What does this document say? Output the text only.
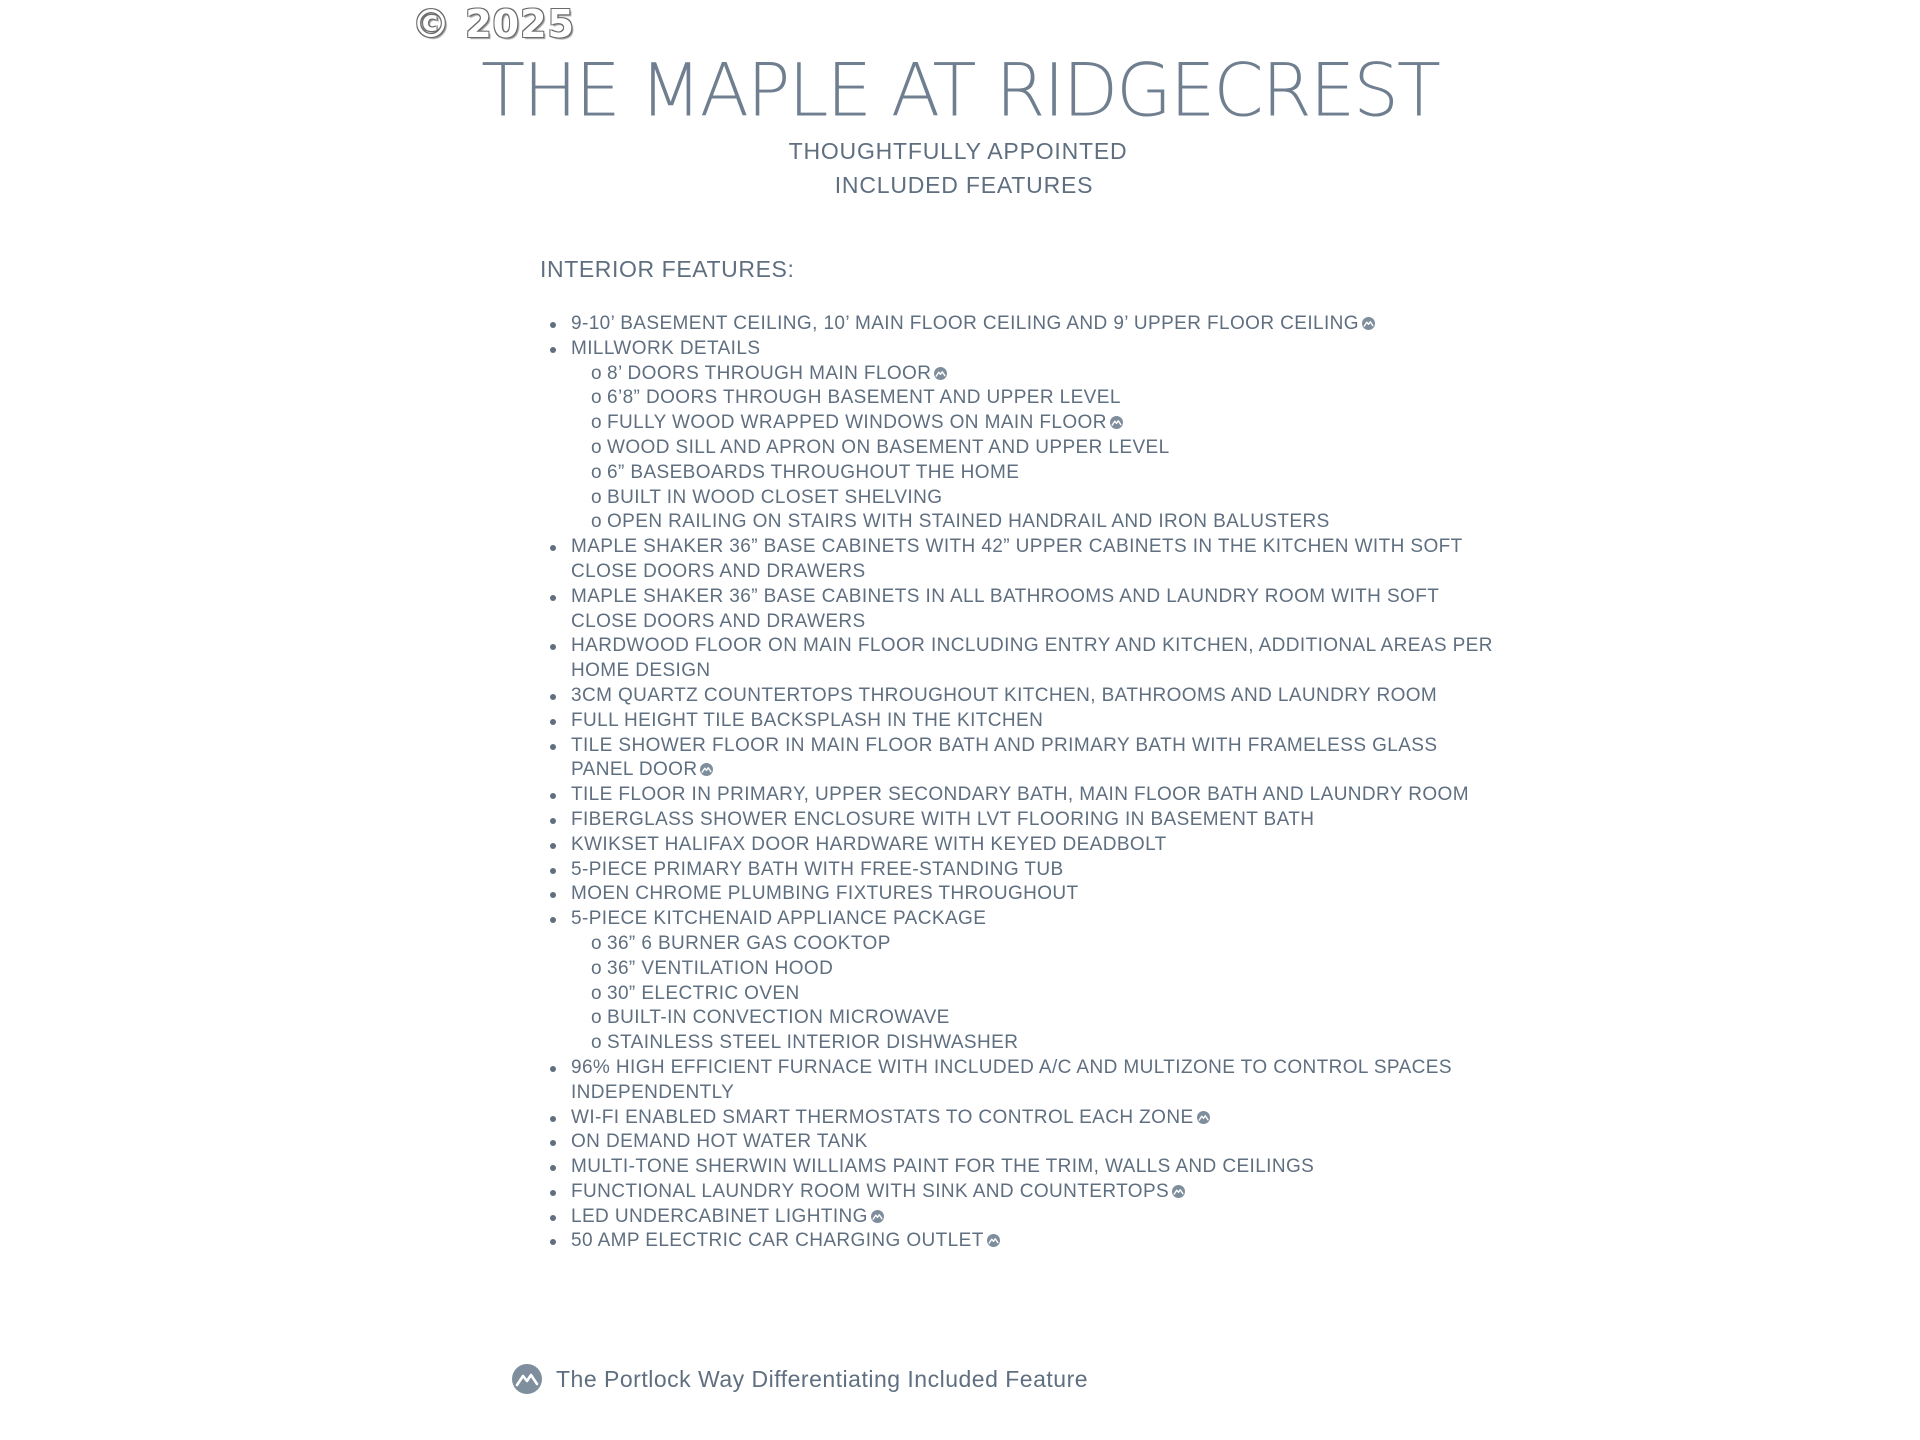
© 2025
THE MAPLE AT RIDGECREST
THOUGHTFULLY APPOINTED
INCLUDED FEATURES
INTERIOR FEATURES:
9-10’ BASEMENT CEILING, 10’ MAIN FLOOR CEILING AND 9’ UPPER FLOOR CEILING
MILLWORK DETAILS
o 8’ DOORS THROUGH MAIN FLOOR
o 6’8” DOORS THROUGH BASEMENT AND UPPER LEVEL
o FULLY WOOD WRAPPED WINDOWS ON MAIN FLOOR
o WOOD SILL AND APRON ON BASEMENT AND UPPER LEVEL
o 6” BASEBOARDS THROUGHOUT THE HOME
o BUILT IN WOOD CLOSET SHELVING
o OPEN RAILING ON STAIRS WITH STAINED HANDRAIL AND IRON BALUSTERS
MAPLE SHAKER 36” BASE CABINETS WITH 42” UPPER CABINETS IN THE KITCHEN WITH SOFT CLOSE DOORS AND DRAWERS
MAPLE SHAKER 36” BASE CABINETS IN ALL BATHROOMS AND LAUNDRY ROOM WITH SOFT CLOSE DOORS AND DRAWERS
HARDWOOD FLOOR ON MAIN FLOOR INCLUDING ENTRY AND KITCHEN, ADDITIONAL AREAS PER HOME DESIGN
3CM QUARTZ COUNTERTOPS THROUGHOUT KITCHEN, BATHROOMS AND LAUNDRY ROOM
FULL HEIGHT TILE BACKSPLASH IN THE KITCHEN
TILE SHOWER FLOOR IN MAIN FLOOR BATH AND PRIMARY BATH WITH FRAMELESS GLASS PANEL DOOR
TILE FLOOR IN PRIMARY, UPPER SECONDARY BATH, MAIN FLOOR BATH AND LAUNDRY ROOM
FIBERGLASS SHOWER ENCLOSURE WITH LVT FLOORING IN BASEMENT BATH
KWIKSET HALIFAX DOOR HARDWARE WITH KEYED DEADBOLT
5-PIECE PRIMARY BATH WITH FREE-STANDING TUB
MOEN CHROME PLUMBING FIXTURES THROUGHOUT
5-PIECE KITCHENAID APPLIANCE PACKAGE
o 36” 6 BURNER GAS COOKTOP
o 36” VENTILATION HOOD
o 30” ELECTRIC OVEN
o BUILT-IN CONVECTION MICROWAVE
o STAINLESS STEEL INTERIOR DISHWASHER
96% HIGH EFFICIENT FURNACE WITH INCLUDED A/C AND MULTIZONE TO CONTROL SPACES INDEPENDENTLY
WI-FI ENABLED SMART THERMOSTATS TO CONTROL EACH ZONE
ON DEMAND HOT WATER TANK
MULTI-TONE SHERWIN WILLIAMS PAINT FOR THE TRIM, WALLS AND CEILINGS
FUNCTIONAL LAUNDRY ROOM WITH SINK AND COUNTERTOPS
LED UNDERCABINET LIGHTING
50 AMP ELECTRIC CAR CHARGING OUTLET
The Portlock Way Differentiating Included Feature
